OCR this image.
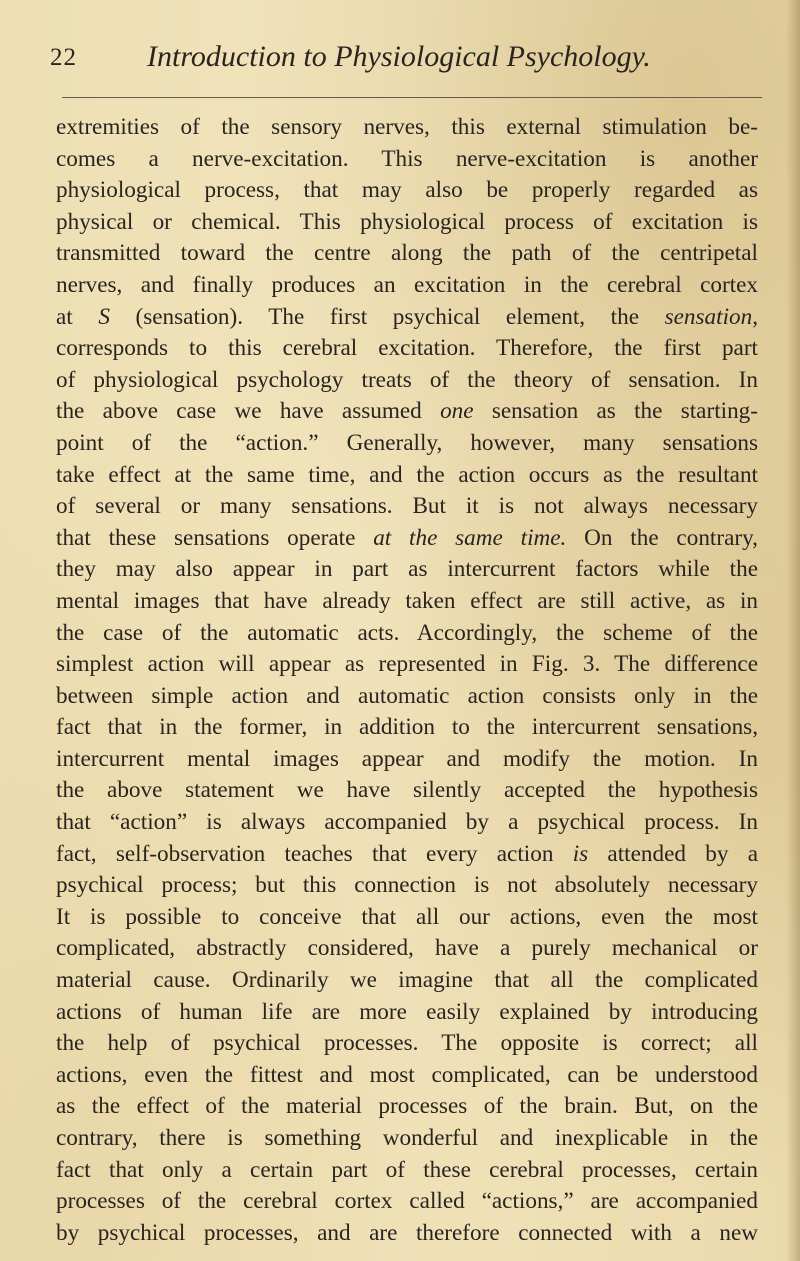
22 Introduction to Physiological Psychology.
extremities of the sensory nerves, this external stimulation be-
comes a nerve-excitation. This nerve-excitation is another
physiological process, that may also be properly regarded as
physical or chemical. This physiological process of excitation is
transmitted toward the centre along the path of the centripetal
nerves, and finally produces an excitation in the cerebral cortex
at S (sensation). The first psychical element, the sensation,
corresponds to this cerebral excitation. Therefore, the first part
of physiological psychology treats of the theory of sensation. In
the above case we have assumed one sensation as the starting-
point of the “action.” Generally, however, many sensations
take effect at the same time, and the action occurs as the resultant
of several or many sensations. But it is not always necessary
that these sensations operate at the same time. On the contrary,
they may also appear in part as intercurrent factors while the
mental images that have already taken effect are still active, as in
the case of the automatic acts. Accordingly, the scheme of the
simplest action will appear as represented in Fig. 3. The difference
between simple action and automatic action consists only in the
fact that in the former, in addition to the intercurrent sensations,
intercurrent mental images appear and modify the motion. In
the above statement we have silently accepted the hypothesis
that “action” is always accompanied by a psychical process. In
fact, self-observation teaches that every action is attended by a
psychical process; but this connection is not absolutely necessary
It is possible to conceive that all our actions, even the most
complicated, abstractly considered, have a purely mechanical or
material cause. Ordinarily we imagine that all the complicated
actions of human life are more easily explained by introducing
the help of psychical processes. The opposite is correct; all
actions, even the fittest and most complicated, can be understood
as the effect of the material processes of the brain. But, on the
contrary, there is something wonderful and inexplicable in the
fact that only a certain part of these cerebral processes, certain
processes of the cerebral cortex called “actions,” are accompanied
by psychical processes, and are therefore connected with a new
